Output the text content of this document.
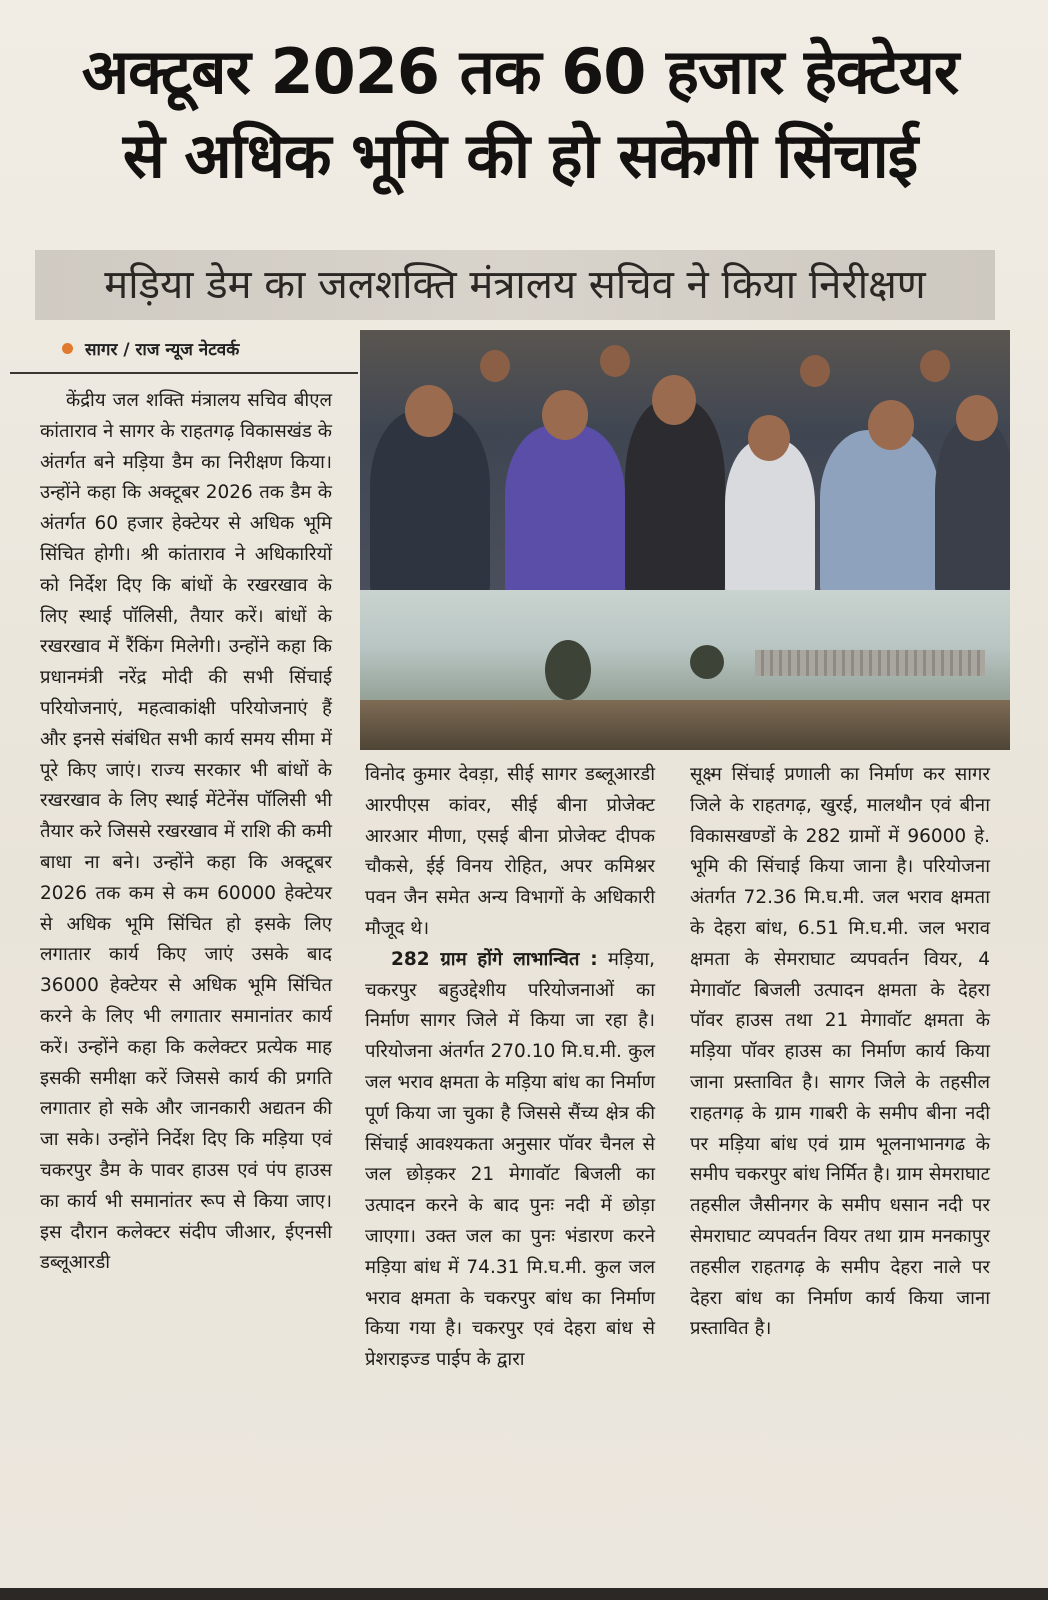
अक्टूबर 2026 तक 60 हजार हेक्टेयर
से अधिक भूमि की हो सकेगी सिंचाई
मड़िया डेम का जलशक्ति मंत्रालय सचिव ने किया निरीक्षण
सागर / राज न्यूज नेटवर्क

केंद्रीय जल शक्ति मंत्रालय सचिव बीएल कांताराव ने सागर के राहतगढ़ विकासखंड के अंतर्गत बने मड़िया डैम का निरीक्षण किया। उन्होंने कहा कि अक्टूबर 2026 तक डैम के अंतर्गत 60 हजार हेक्टेयर से अधिक भूमि सिंचित होगी। श्री कांताराव ने अधिकारियों को निर्देश दिए कि बांधों के रखरखाव के लिए स्थाई पॉलिसी, तैयार करें। बांधों के रखरखाव में रैंकिंग मिलेगी। उन्होंने कहा कि प्रधानमंत्री नरेंद्र मोदी की सभी सिंचाई परियोजनाएं, महत्वाकांक्षी परियोजनाएं हैं और इनसे संबंधित सभी कार्य समय सीमा में पूरे किए जाएं। राज्य सरकार भी बांधों के रखरखाव के लिए स्थाई मेंटेनेंस पॉलिसी भी तैयार करे जिससे रखरखाव में राशि की कमी बाधा ना बने। उन्होंने कहा कि अक्टूबर 2026 तक कम से कम 60000 हेक्टेयर से अधिक भूमि सिंचित हो इसके लिए लगातार कार्य किए जाएं उसके बाद 36000 हेक्टेयर से अधिक भूमि सिंचित करने के लिए भी लगातार समानांतर कार्य करें। उन्होंने कहा कि कलेक्टर प्रत्येक माह इसकी समीक्षा करें जिससे कार्य की प्रगति लगातार हो सके और जानकारी अद्यतन की जा सके। उन्होंने निर्देश दिए कि मड़िया एवं चकरपुर डैम के पावर हाउस एवं पंप हाउस का कार्य भी समानांतर रूप से किया जाए। इस दौरान कलेक्टर संदीप जीआर, ईएनसी डब्लूआरडी

विनोद कुमार देवड़ा, सीई सागर डब्लूआरडी आरपीएस कांवर, सीई बीना प्रोजेक्ट आरआर मीणा, एसई बीना प्रोजेक्ट दीपक चौकसे, ईई विनय रोहित, अपर कमिश्नर पवन जैन समेत अन्य विभागों के अधिकारी मौजूद थे।

282 ग्राम होंगे लाभान्वित : मड़िया, चकरपुर बहुउद्देशीय परियोजनाओं का निर्माण सागर जिले में किया जा रहा है। परियोजना अंतर्गत 270.10 मि.घ.मी. कुल जल भराव क्षमता के मड़िया बांध का निर्माण पूर्ण किया जा चुका है जिससे सैंच्य क्षेत्र की सिंचाई आवश्यकता अनुसार पॉवर चैनल से जल छोड़कर 21 मेगावॉट बिजली का उत्पादन करने के बाद पुनः नदी में छोड़ा जाएगा। उक्त जल का पुनः भंडारण करने मड़िया बांध में 74.31 मि.घ.मी. कुल जल भराव क्षमता के चकरपुर बांध का निर्माण किया गया है। चकरपुर एवं देहरा बांध से प्रेशराइज्ड पाईप के द्वारा

सूक्ष्म सिंचाई प्रणाली का निर्माण कर सागर जिले के राहतगढ़, खुरई, मालथौन एवं बीना विकासखण्डों के 282 ग्रामों में 96000 हे. भूमि की सिंचाई किया जाना है। परियोजना अंतर्गत 72.36 मि.घ.मी. जल भराव क्षमता के देहरा बांध, 6.51 मि.घ.मी. जल भराव क्षमता के सेमराघाट व्यपवर्तन वियर, 4 मेगावॉट बिजली उत्पादन क्षमता के देहरा पॉवर हाउस तथा 21 मेगावॉट क्षमता के मड़िया पॉवर हाउस का निर्माण कार्य किया जाना प्रस्तावित है। सागर जिले के तहसील राहतगढ़ के ग्राम गाबरी के समीप बीना नदी पर मड़िया बांध एवं ग्राम भूलनाभानगढ के समीप चकरपुर बांध निर्मित है। ग्राम सेमराघाट तहसील जैसीनगर के समीप धसान नदी पर सेमराघाट व्यपवर्तन वियर तथा ग्राम मनकापुर तहसील राहतगढ़ के समीप देहरा नाले पर देहरा बांध का निर्माण कार्य किया जाना प्रस्तावित है।
